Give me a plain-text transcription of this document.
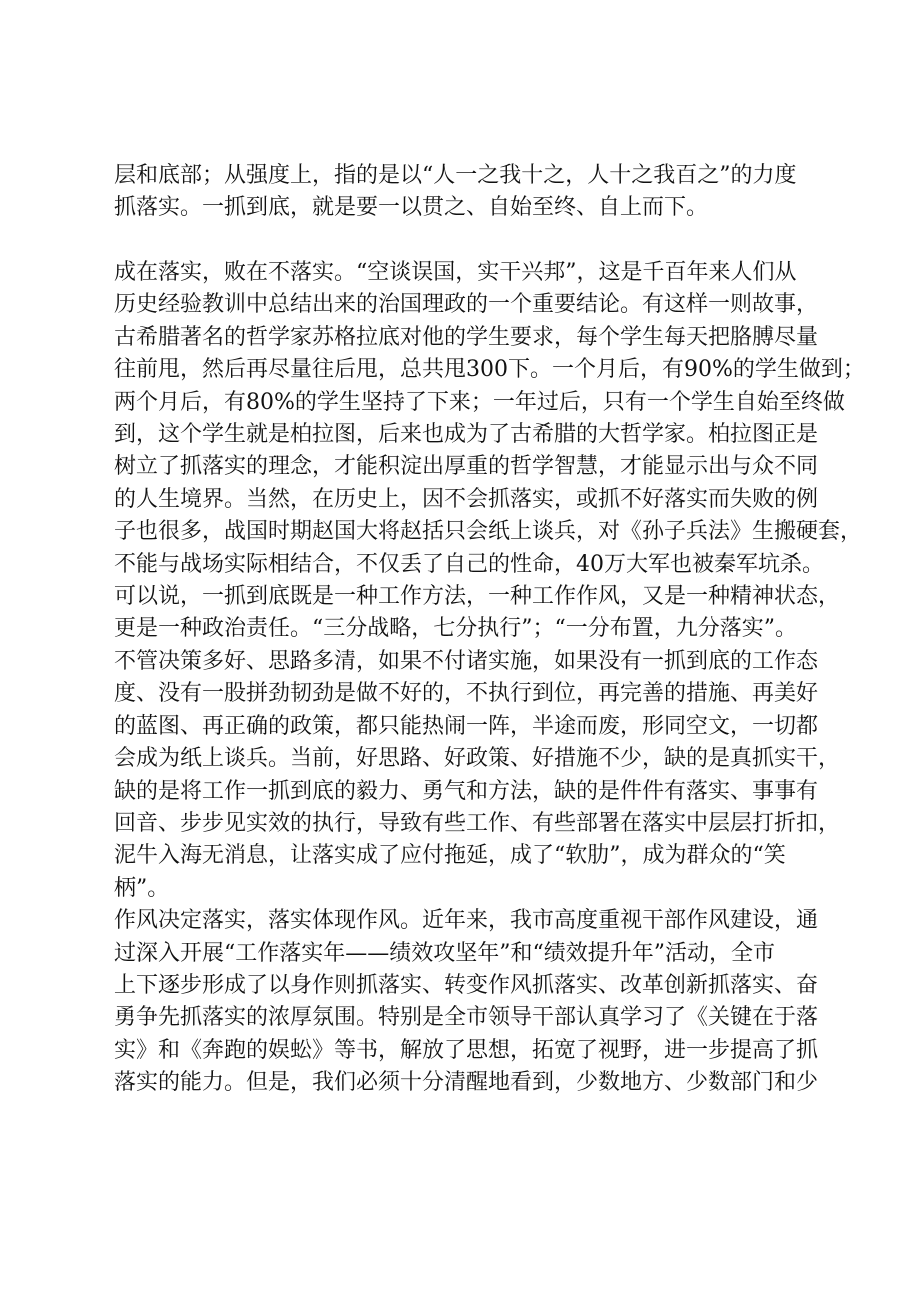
层和底部；从强度上，指的是以“人一之我十之，人十之我百之”的力度

抓落实。一抓到底，就是要一以贯之、自始至终、自上而下。

成在落实，败在不落实。“空谈误国，实干兴邦”，这是千百年来人们从

历史经验教训中总结出来的治国理政的一个重要结论。有这样一则故事，

古希腊著名的哲学家苏格拉底对他的学生要求，每个学生每天把胳膊尽量

往前甩，然后再尽量往后甩，总共甩300下。一个月后，有90%的学生做到；

两个月后，有80%的学生坚持了下来；一年过后，只有一个学生自始至终做

到，这个学生就是柏拉图，后来也成为了古希腊的大哲学家。柏拉图正是

树立了抓落实的理念，才能积淀出厚重的哲学智慧，才能显示出与众不同

的人生境界。当然，在历史上，因不会抓落实，或抓不好落实而失败的例

子也很多，战国时期赵国大将赵括只会纸上谈兵，对《孙子兵法》生搬硬套，

不能与战场实际相结合，不仅丢了自己的性命，40万大军也被秦军坑杀。

可以说，一抓到底既是一种工作方法，一种工作作风，又是一种精神状态，

更是一种政治责任。“三分战略，七分执行”；“一分布置，九分落实”。

不管决策多好、思路多清，如果不付诸实施，如果没有一抓到底的工作态

度、没有一股拼劲韧劲是做不好的，不执行到位，再完善的措施、再美好

的蓝图、再正确的政策，都只能热闹一阵，半途而废，形同空文，一切都

会成为纸上谈兵。当前，好思路、好政策、好措施不少，缺的是真抓实干，

缺的是将工作一抓到底的毅力、勇气和方法，缺的是件件有落实、事事有

回音、步步见实效的执行，导致有些工作、有些部署在落实中层层打折扣，

泥牛入海无消息，让落实成了应付拖延，成了“软肋”，成为群众的“笑

柄”。

作风决定落实，落实体现作风。近年来，我市高度重视干部作风建设，通

过深入开展“工作落实年——绩效攻坚年”和“绩效提升年”活动，全市

上下逐步形成了以身作则抓落实、转变作风抓落实、改革创新抓落实、奋

勇争先抓落实的浓厚氛围。特别是全市领导干部认真学习了《关键在于落

实》和《奔跑的娱蚣》等书，解放了思想，拓宽了视野，进一步提高了抓

落实的能力。但是，我们必须十分清醒地看到，少数地方、少数部门和少
